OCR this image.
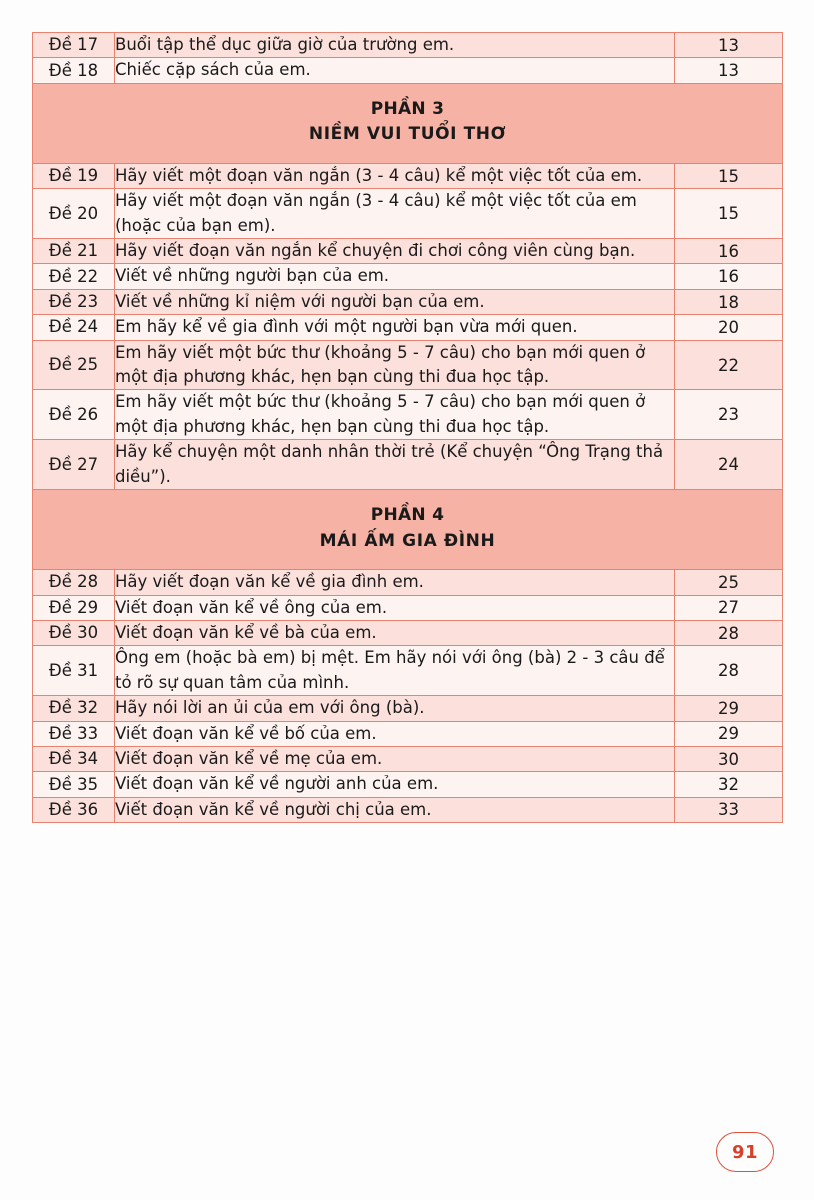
Đề 17	Buổi tập thể dục giữa giờ của trường em.	13
Đề 18	Chiếc cặp sách của em.	13

PHẦN 3
NIỀM VUI TUỔI THƠ		

Đề 19	Hãy viết một đoạn văn ngắn (3 - 4 câu) kể một việc tốt của em.	15
Đề 20	Hãy viết một đoạn văn ngắn (3 - 4 câu) kể một việc tốt của em (hoặc của bạn em).	15
Đề 21	Hãy viết đoạn văn ngắn kể chuyện đi chơi công viên cùng bạn.	16
Đề 22	Viết về những người bạn của em.	16
Đề 23	Viết về những kỉ niệm với người bạn của em.	18
Đề 24	Em hãy kể về gia đình với một người bạn vừa mới quen.	20
Đề 25	Em hãy viết một bức thư (khoảng 5 - 7 câu) cho bạn mới quen ở một địa phương khác, hẹn bạn cùng thi đua học tập.	22
Đề 26	Em hãy viết một bức thư (khoảng 5 - 7 câu) cho bạn mới quen ở một địa phương khác, hẹn bạn cùng thi đua học tập.	23
Đề 27	Hãy kể chuyện một danh nhân thời trẻ (Kể chuyện “Ông Trạng thả diều”).	24

PHẦN 4
MÁI ẤM GIA ĐÌNH		

Đề 28	Hãy viết đoạn văn kể về gia đình em.	25
Đề 29	Viết đoạn văn kể về ông của em.	27
Đề 30	Viết đoạn văn kể về bà của em.	28
Đề 31	Ông em (hoặc bà em) bị mệt. Em hãy nói với ông (bà) 2 - 3 câu để tỏ rõ sự quan tâm của mình.	28
Đề 32	Hãy nói lời an ủi của em với ông (bà).	29
Đề 33	Viết đoạn văn kể về bố của em.	29
Đề 34	Viết đoạn văn kể về mẹ của em.	30
Đề 35	Viết đoạn văn kể về người anh của em.	32
Đề 36	Viết đoạn văn kể về người chị của em.	33
91
